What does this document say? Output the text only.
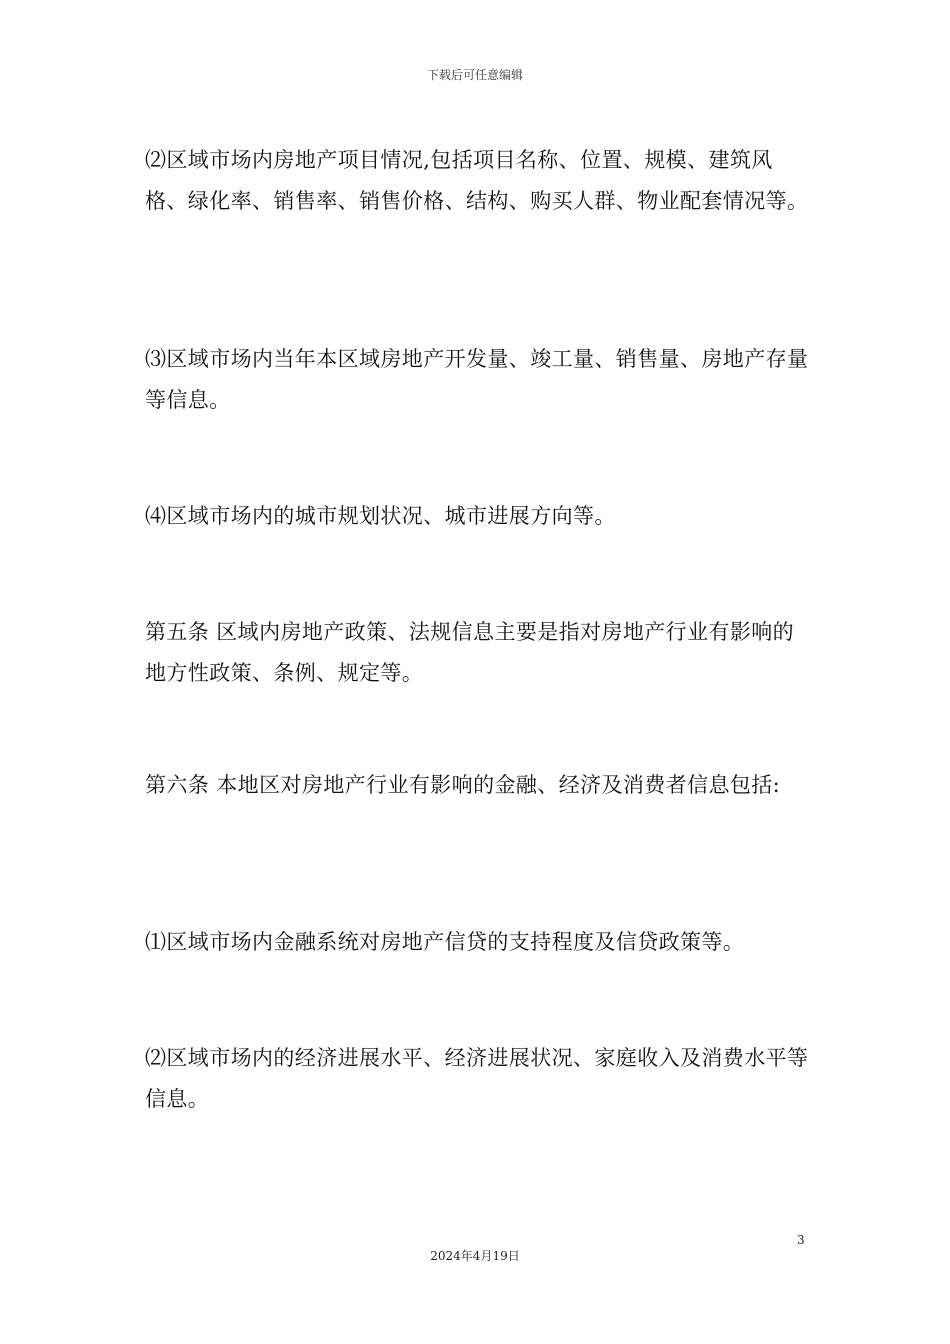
下载后可任意编辑

⑵区域市场内房地产项目情况,包括项目名称、位置、规模、建筑风格、绿化率、销售率、销售价格、结构、购买人群、物业配套情况等。

⑶区域市场内当年本区域房地产开发量、竣工量、销售量、房地产存量等信息。

⑷区域市场内的城市规划状况、城市进展方向等。

第五条 区域内房地产政策、法规信息主要是指对房地产行业有影响的地方性政策、条例、规定等。

第六条 本地区对房地产行业有影响的金融、经济及消费者信息包括:

⑴区域市场内金融系统对房地产信贷的支持程度及信贷政策等。

⑵区域市场内的经济进展水平、经济进展状况、家庭收入及消费水平等信息。

3
2024年4月19日
